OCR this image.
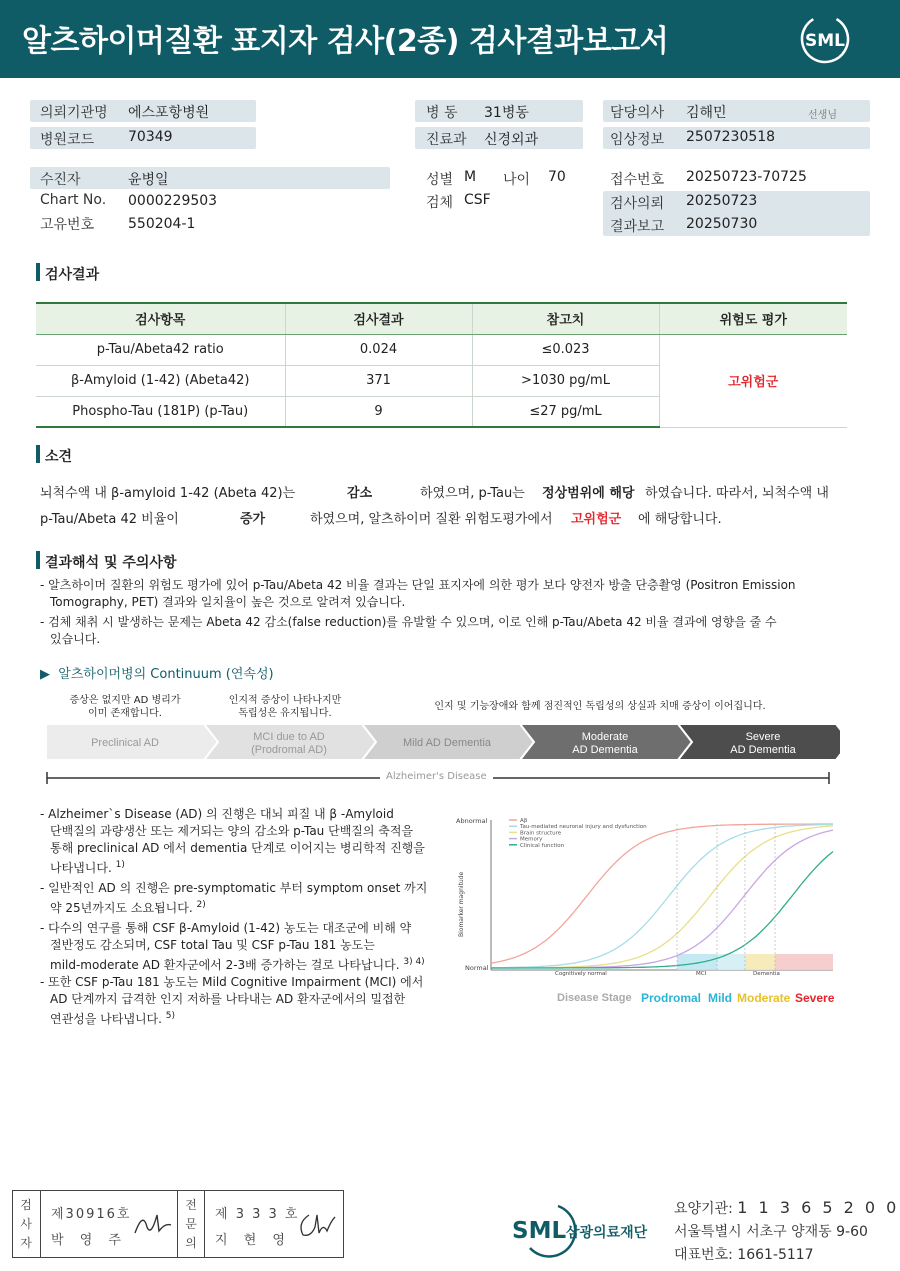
알츠하이머질환 표지자 검사(2종) 검사결과보고서	SML
의뢰기관명 에스포항병원
병원코드 70349
수진자	윤병일
Chart No. 0000229503
고유번호 550204-1
병 동 31병동
진료과 신경외과
성별 M 나이 70
검체 CSF
담당의사 김해민	선생님
임상정보 2507230518
접수번호 20250723-70725
검사의뢰 20250723
결과보고 20250730
검사결과
검사항목	검사결과	참고치	위험도 평가
p-Tau/Abeta42 ratio	0.024	≤0.023	고위험군
β-Amyloid (1-42) (Abeta42)	371	>1030 pg/mL	
Phospho-Tau (181P) (p-Tau)	9	≤27 pg/mL	
소견
뇌척수액 내 β-amyloid 1-42 (Abeta 42)는	감소	하였으며, p-Tau는 정상범위에 해당 하였습니다. 따라서, 뇌척수액 내
p-Tau/Abeta 42 비율이	증가	하였으며, 알츠하이머 질환 위험도평가에서 고위험군 에 해당합니다.
결과해석 및 주의사항
- 알츠하이머 질환의 위험도 평가에 있어 p-Tau/Abeta 42 비율 결과는 단일 표지자에 의한 평가 보다 양전자 방출 단층촬영 (Positron Emission
Tomography, PET) 결과와 일치율이 높은 것으로 알려져 있습니다.
- 검체 채취 시 발생하는 문제는 Abeta 42 감소(false reduction)를 유발할 수 있으며, 이로 인해 p-Tau/Abeta 42 비율 결과에 영향을 줄 수
있습니다.
▶  알츠하이머병의 Continuum (연속성)
증상은 없지만 AD 병리가
이미 존재합니다.
인지적 증상이 나타나지만
독립성은 유지됩니다.
인지 및 기능장애와 함께 점진적인 독립성의 상실과 치매 증상이 이어집니다.
Preclinical AD	MCI due to AD
(Prodromal AD)
Mild AD Dementia	Moderate
AD Dementia
Severe
AD Dementia
Alzheimer's Disease
- Alzheimer`s Disease (AD) 의 진행은 대뇌 피질 내 β -Amyloid
단백질의 과량생산 또는 제거되는 양의 감소와 p-Tau 단백질의 축적을
통해 preclinical AD 에서 dementia 단계로 이어지는 병리학적 진행을
나타냅니다. $^{1)}$
- 일반적인 AD 의 진행은 pre-symptomatic 부터 symptom onset 까지
약 25년까지도 소요됩니다. $^{2)}$
- 다수의 연구를 통해 CSF β-Amyloid (1-42) 농도는 대조군에 비해 약
절반정도 감소되며, CSF total Tau 및 CSF p-Tau 181 농도는
mild-moderate AD 환자군에서 2-3배 증가하는 걸로 나타납니다. $^{3) 4)}$
- 또한 CSF p-Tau 181 농도는 Mild Cognitive Impairment (MCI) 에서
AD 단계까지 급격한 인지 저하를 나타내는 AD 환자군에서의 밀접한
연관성을 나타냅니다. $^{5)}$
Biomarker magnitude
Abnormal
Normal
Aβ
Tau-mediated neuronal injury and dysfunction
Brain structure
Memory
Clinical function
Cognitively normal	MCI	Dementia
Disease Stage Prodromal Mild Moderate Severe
검
사
자
제30916호
박 영 주
전
문
의
제 3 3 3 호
지 현 영	SML 삼광의료재단
요양기관: 1 1 3 6 5 2 0 0
서울특별시 서초구 양재동 9-60
대표번호: 1661-5117
